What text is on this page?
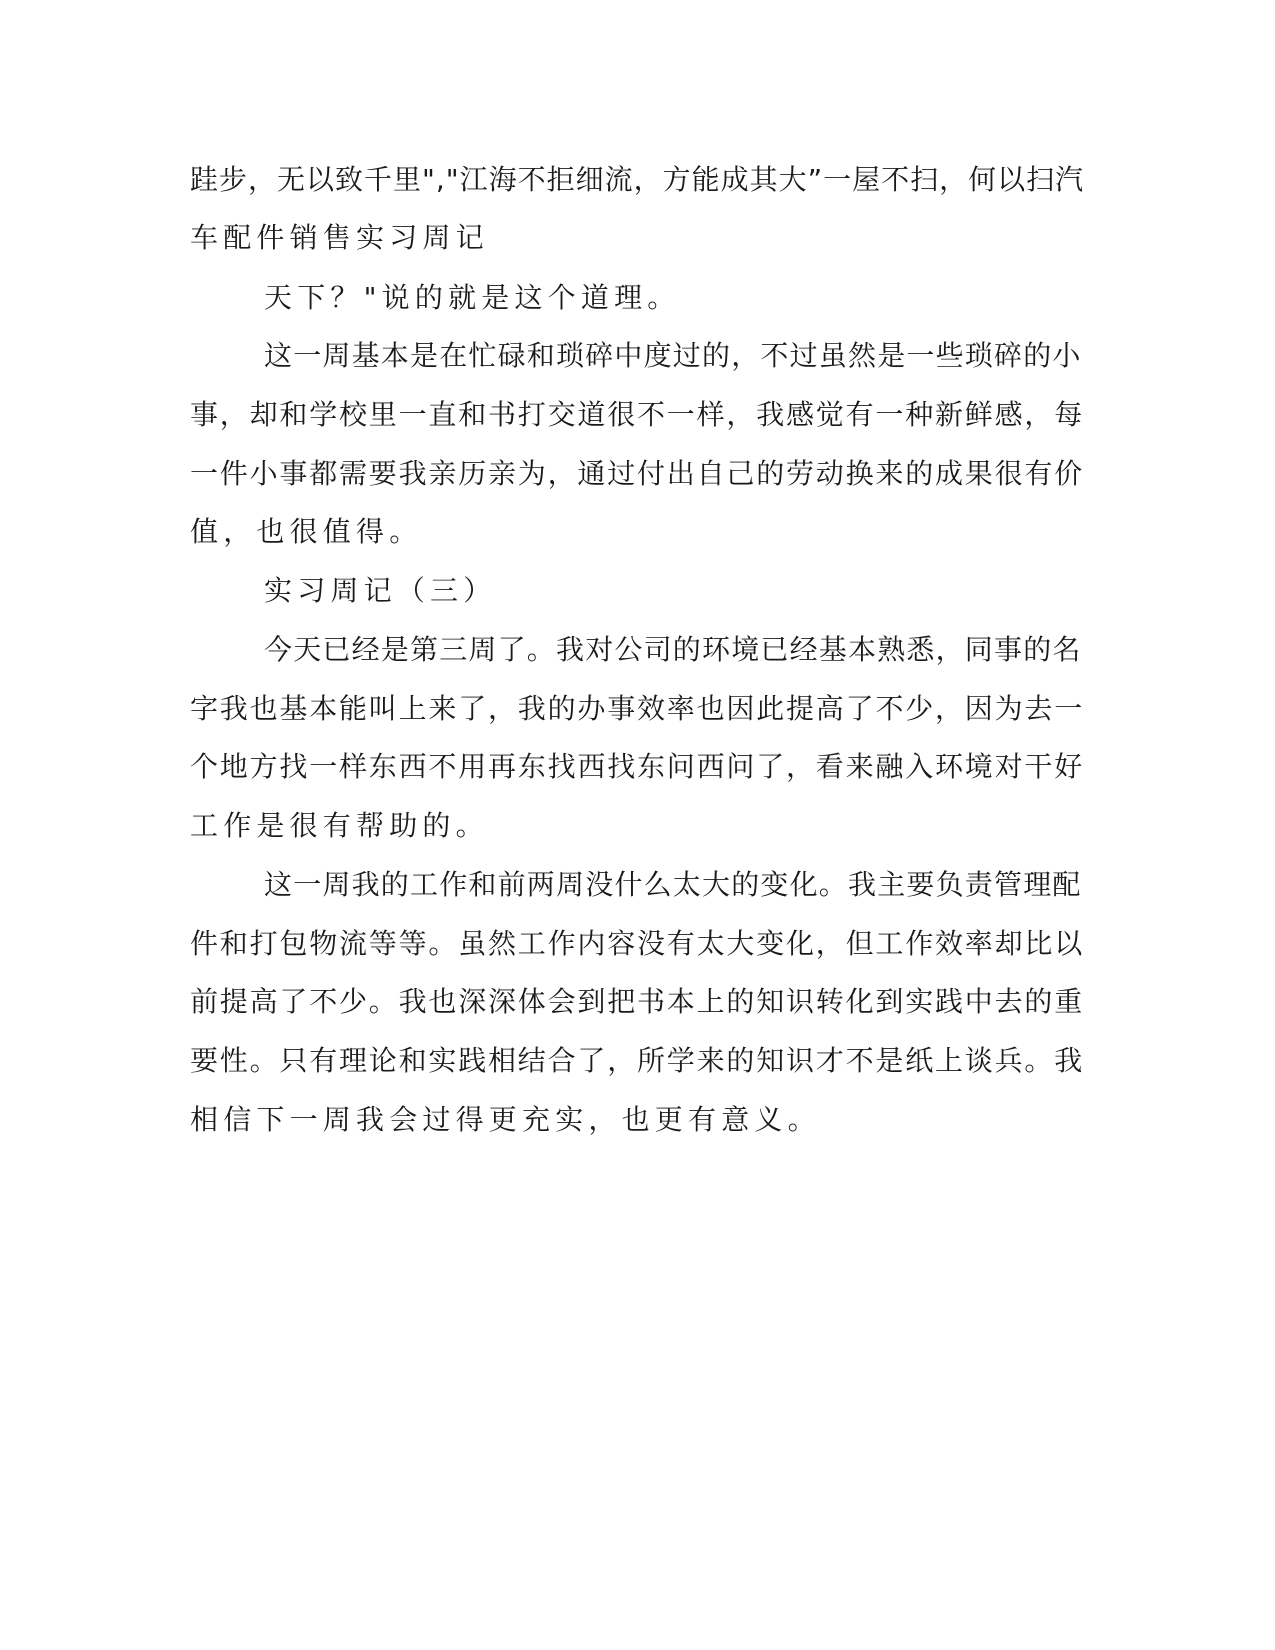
跬步，无以致千里","江海不拒细流，方能成其大”一屋不扫，何以扫汽
车配件销售实习周记
天下？"说的就是这个道理。
这一周基本是在忙碌和琐碎中度过的，不过虽然是一些琐碎的小
事，却和学校里一直和书打交道很不一样，我感觉有一种新鲜感，每
一件小事都需要我亲历亲为，通过付出自己的劳动换来的成果很有价
值，也很值得。
实习周记（三）
今天已经是第三周了。我对公司的环境已经基本熟悉，同事的名
字我也基本能叫上来了，我的办事效率也因此提高了不少，因为去一
个地方找一样东西不用再东找西找东问西问了，看来融入环境对干好
工作是很有帮助的。
这一周我的工作和前两周没什么太大的变化。我主要负责管理配
件和打包物流等等。虽然工作内容没有太大变化，但工作效率却比以
前提高了不少。我也深深体会到把书本上的知识转化到实践中去的重
要性。只有理论和实践相结合了，所学来的知识才不是纸上谈兵。我
相信下一周我会过得更充实，也更有意义。
